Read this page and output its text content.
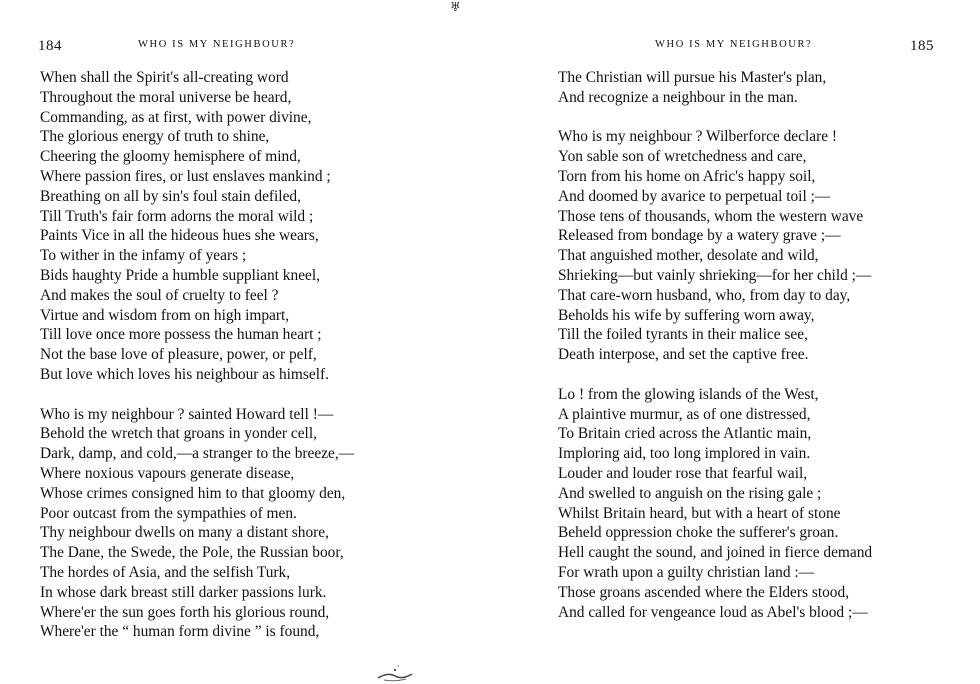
♅
184	WHO IS MY NEIGHBOUR?
When shall the Spirit's all-creating word
Throughout the moral universe be heard,
Commanding, as at first, with power divine,
The glorious energy of truth to shine,
Cheering the gloomy hemisphere of mind,
Where passion fires, or lust enslaves mankind ;
Breathing on all by sin's foul stain defiled,
Till Truth's fair form adorns the moral wild ;
Paints Vice in all the hideous hues she wears,
To wither in the infamy of years ;
Bids haughty Pride a humble suppliant kneel,
And makes the soul of cruelty to feel ?
Virtue and wisdom from on high impart,
Till love once more possess the human heart ;
Not the base love of pleasure, power, or pelf,
But love which loves his neighbour as himself.
Who is my neighbour ? sainted Howard tell !—
Behold the wretch that groans in yonder cell,
Dark, damp, and cold,—a stranger to the breeze,—
Where noxious vapours generate disease,
Whose crimes consigned him to that gloomy den,
Poor outcast from the sympathies of men.
Thy neighbour dwells on many a distant shore,
The Dane, the Swede, the Pole, the Russian boor,
The hordes of Asia, and the selfish Turk,
In whose dark breast still darker passions lurk.
Where'er the sun goes forth his glorious round,
Where'er the “ human form divine ” is found,
WHO IS MY NEIGHBOUR?	185
The Christian will pursue his Master's plan,
And recognize a neighbour in the man.
Who is my neighbour ? Wilberforce declare !
Yon sable son of wretchedness and care,
Torn from his home on Afric's happy soil,
And doomed by avarice to perpetual toil ;—
Those tens of thousands, whom the western wave
Released from bondage by a watery grave ;—
That anguished mother, desolate and wild,
Shrieking—but vainly shrieking—for her child ;—
That care-worn husband, who, from day to day,
Beholds his wife by suffering worn away,
Till the foiled tyrants in their malice see,
Death interpose, and set the captive free.
Lo ! from the glowing islands of the West,
A plaintive murmur, as of one distressed,
To Britain cried across the Atlantic main,
Imploring aid, too long implored in vain.
Louder and louder rose that fearful wail,
And swelled to anguish on the rising gale ;
Whilst Britain heard, but with a heart of stone
Beheld oppression choke the sufferer's groan.
Hell caught the sound, and joined in fierce demand
For wrath upon a guilty christian land :—
Those groans ascended where the Elders stood,
And called for vengeance loud as Abel's blood ;—
